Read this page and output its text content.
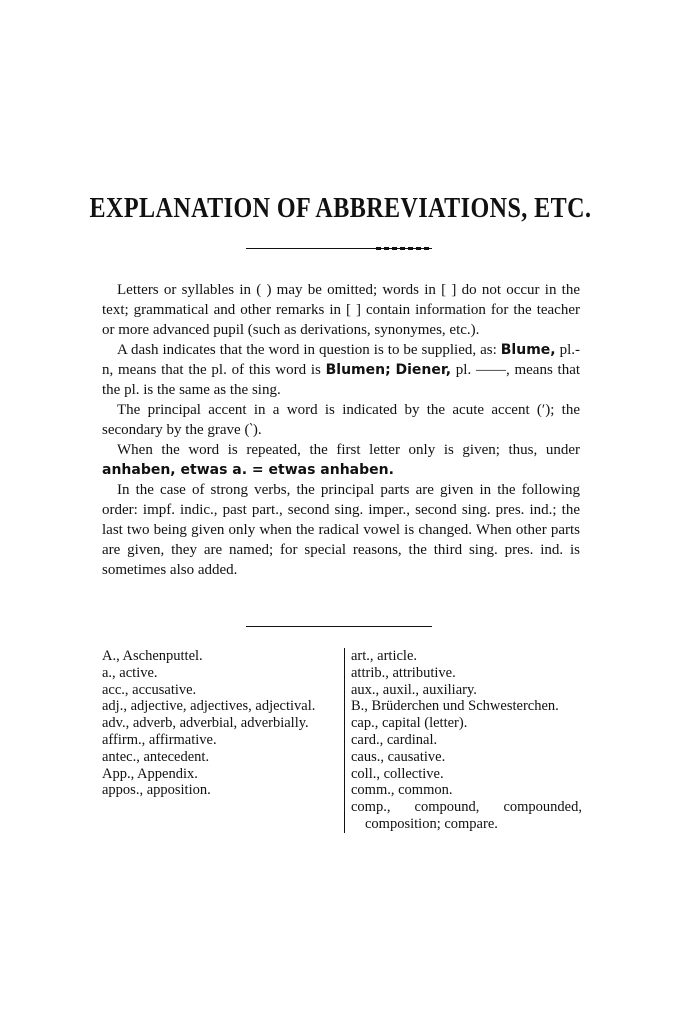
EXPLANATION OF ABBREVIATIONS, ETC.

Letters or syllables in ( ) may be omitted; words in [ ] do not occur in the text; grammatical and other remarks in [ ] contain information for the teacher or more advanced pupil (such as derivations, synonymes, etc.).

A dash indicates that the word in question is to be supplied, as: Blume, pl.-n, means that the pl. of this word is Blumen; Diener, pl. ——, means that the pl. is the same as the sing.

The principal accent in a word is indicated by the acute accent (′); the secondary by the grave (‵).

When the word is repeated, the first letter only is given; thus, under anhaben, etwas a. = etwas anhaben.

In the case of strong verbs, the principal parts are given in the following order: impf. indic., past part., second sing. imper., second sing. pres. ind.; the last two being given only when the radical vowel is changed. When other parts are given, they are named; for special reasons, the third sing. pres. ind. is sometimes also added.

A., Aschenputtel.
a., active.
acc., accusative.
adj., adjective, adjectives, adjectival.
adv., adverb, adverbial, adverbially.
affirm., affirmative.
antec., antecedent.
App., Appendix.
appos., apposition.
art., article.
attrib., attributive.
aux., auxil., auxiliary.
B., Brüderchen und Schwesterchen.
cap., capital (letter).
card., cardinal.
caus., causative.
coll., collective.
comm., common.
comp., compound, compounded, composition; compare.
